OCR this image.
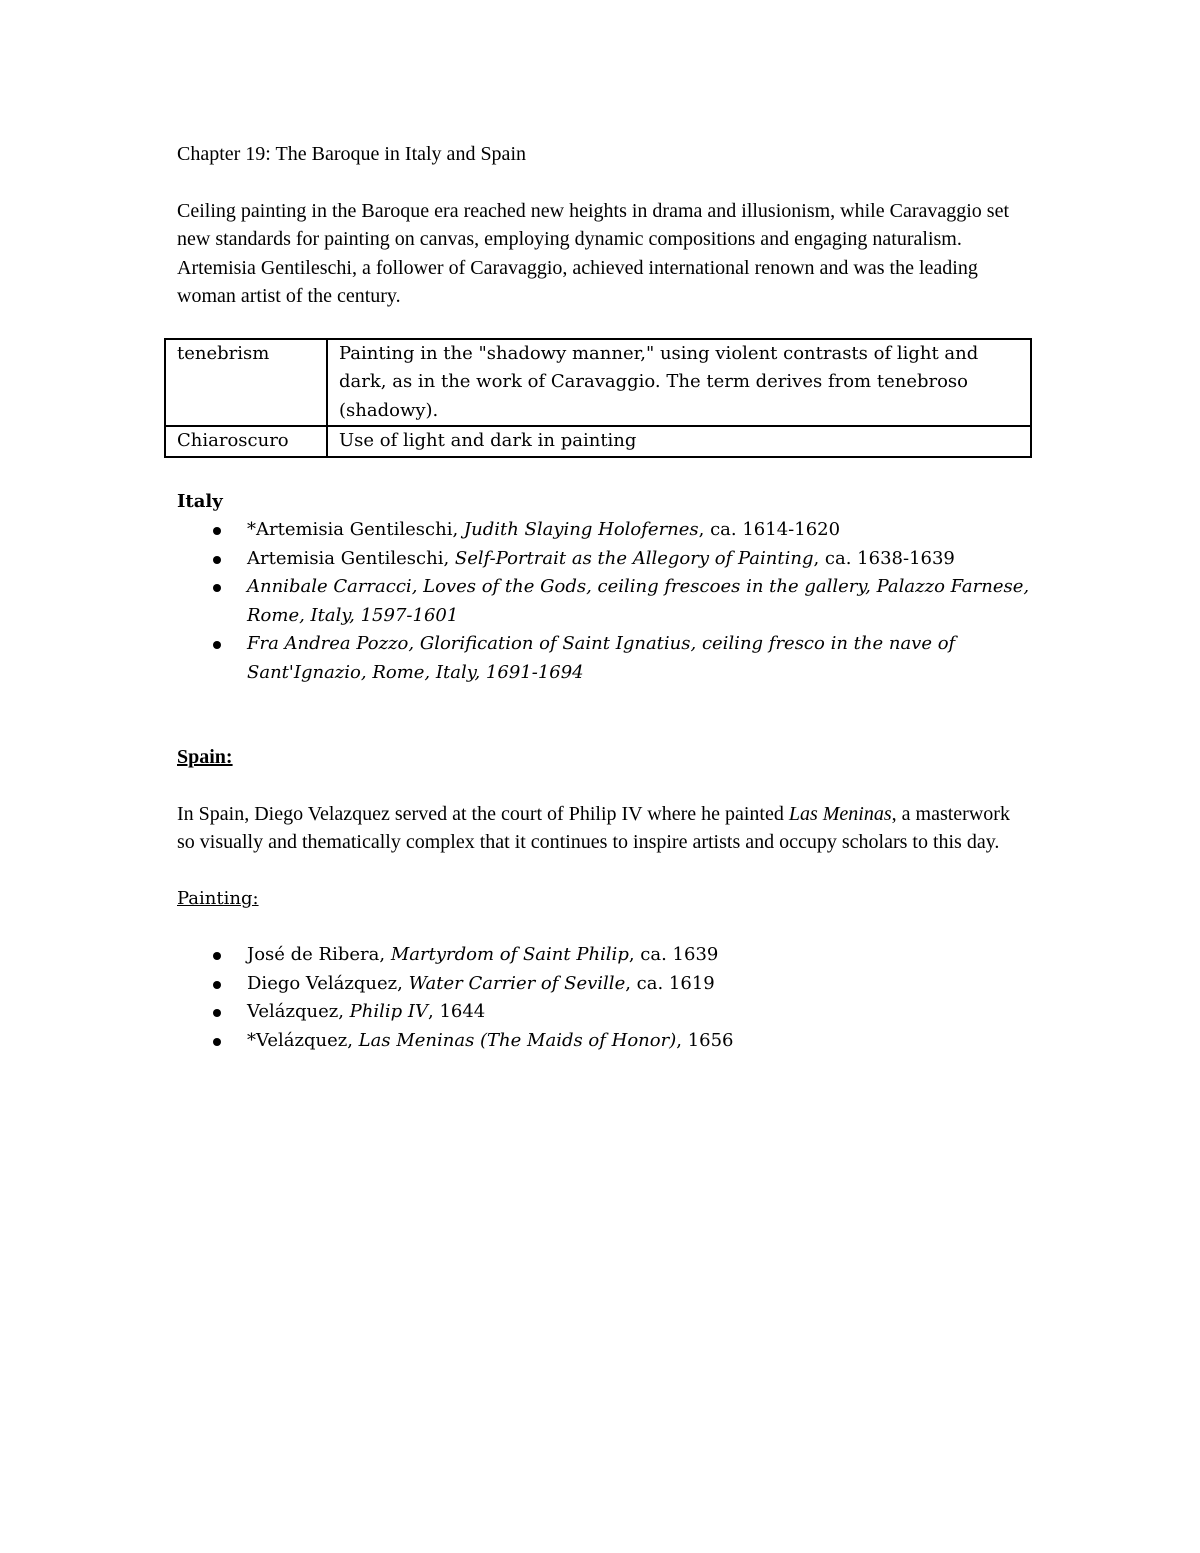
Chapter 19: The Baroque in Italy and Spain

Ceiling painting in the Baroque era reached new heights in drama and illusionism, while Caravaggio set new standards for painting on canvas, employing dynamic compositions and engaging naturalism. Artemisia Gentileschi, a follower of Caravaggio, achieved international renown and was the leading woman artist of the century.

tenebrism	Painting in the "shadowy manner," using violent contrasts of light and dark, as in the work of Caravaggio. The term derives from tenebroso (shadowy).
Chiaroscuro	Use of light and dark in painting

Italy

*Artemisia Gentileschi, Judith Slaying Holofernes, ca. 1614-1620
Artemisia Gentileschi, Self-Portrait as the Allegory of Painting, ca. 1638-1639
Annibale Carracci, Loves of the Gods, ceiling frescoes in the gallery, Palazzo Farnese, Rome, Italy, 1597-1601
Fra Andrea Pozzo, Glorification of Saint Ignatius, ceiling fresco in the nave of Sant'Ignazio, Rome, Italy, 1691-1694

Spain:

In Spain, Diego Velazquez served at the court of Philip IV where he painted Las Meninas, a masterwork so visually and thematically complex that it continues to inspire artists and occupy scholars to this day.

Painting:

José de Ribera, Martyrdom of Saint Philip, ca. 1639
Diego Velázquez, Water Carrier of Seville, ca. 1619
Velázquez, Philip IV, 1644
*Velázquez, Las Meninas (The Maids of Honor), 1656
